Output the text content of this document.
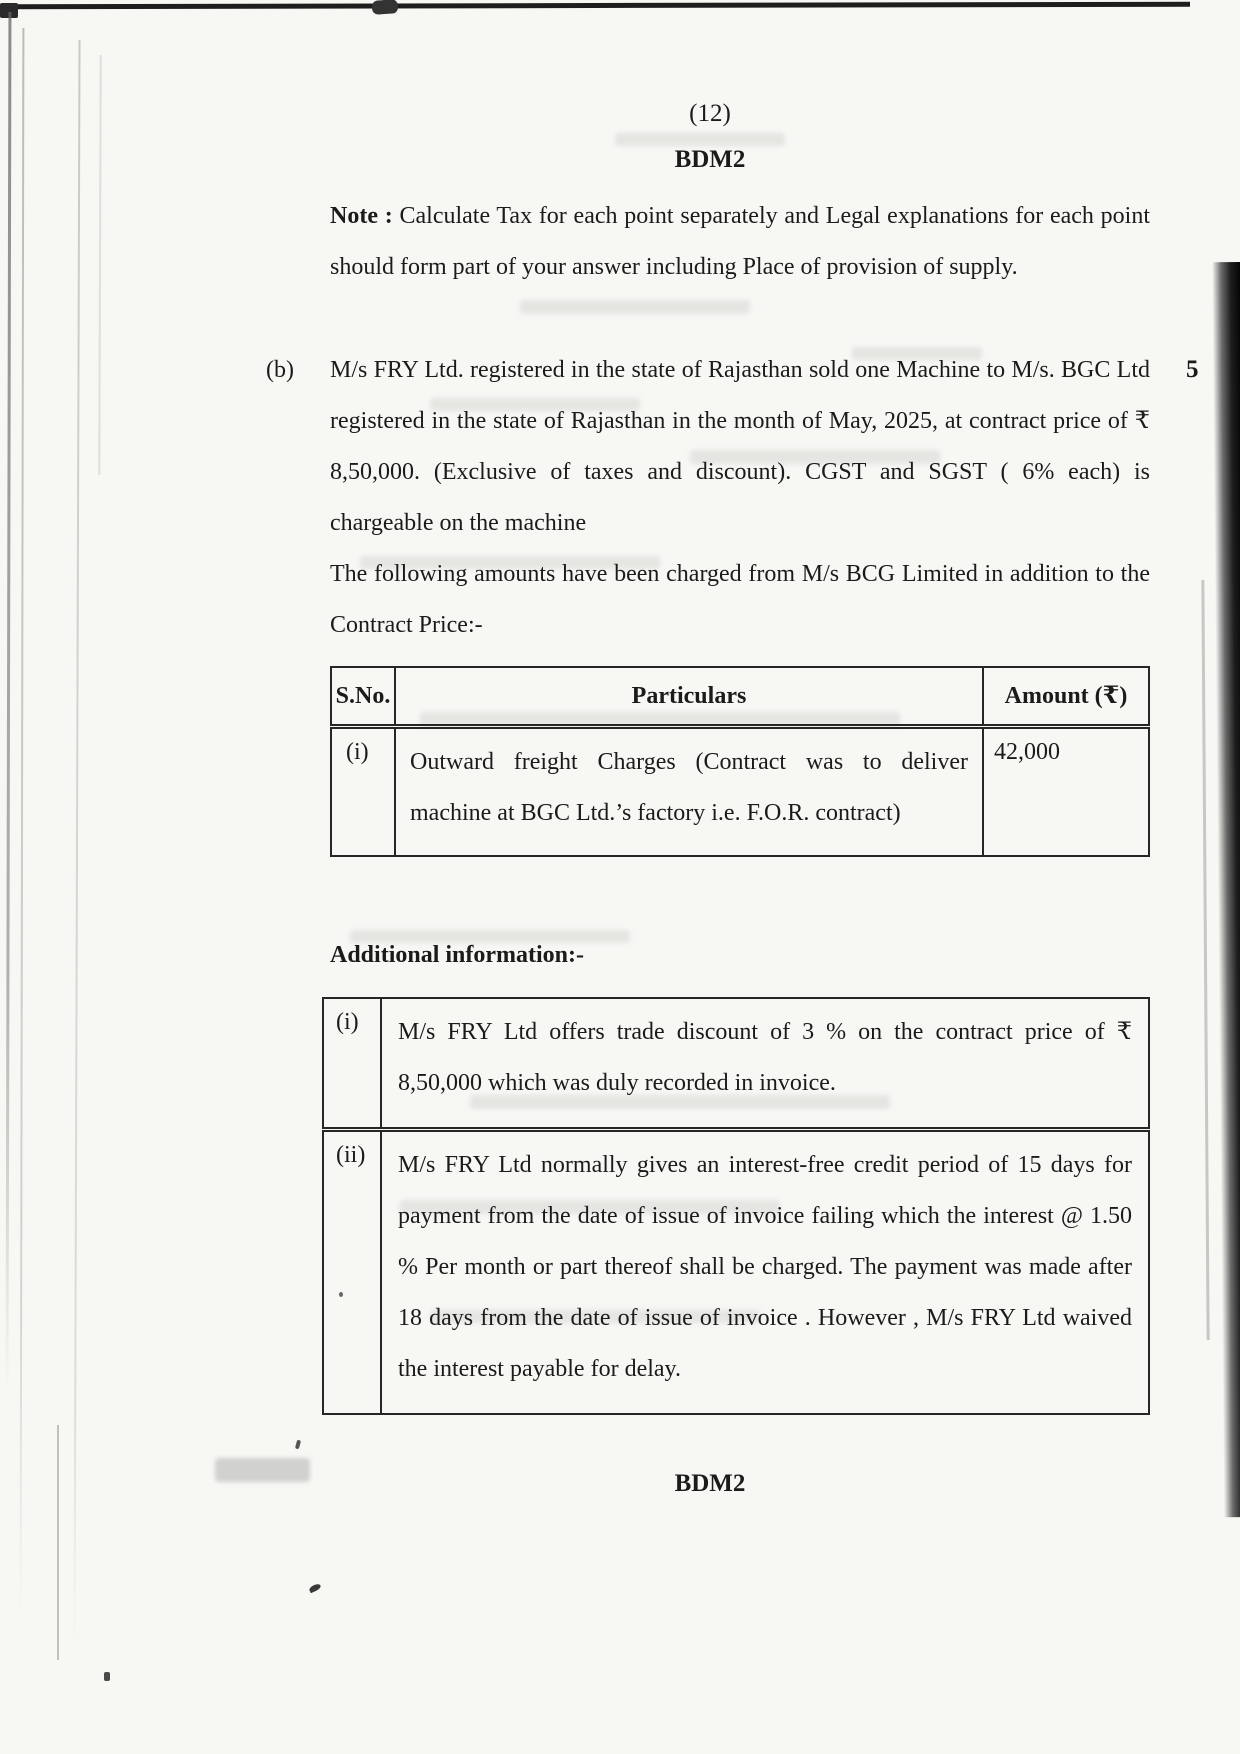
(12)
BDM2
Note : Calculate Tax for each point separately and Legal explanations for each point should form part of your answer including Place of provision of supply.
(b)	5

M/s FRY Ltd. registered in the state of Rajasthan sold one Machine to M/s. BGC Ltd registered in the state of Rajasthan in the month of May, 2025, at contract price of ₹ 8,50,000. (Exclusive of taxes and discount). CGST and SGST ( 6% each) is chargeable on the machine

The following amounts have been charged from M/s BCG Limited in addition to the Contract Price:-

S.No.	Particulars	Amount (₹)
(i)	Outward freight Charges (Contract was to deliver machine at BGC Ltd.’s factory i.e. F.O.R. contract)	42,000
Additional information:-
(i)	M/s FRY Ltd offers trade discount of 3 % on the contract price of ₹ 8,50,000 which was duly recorded in invoice.
(ii)	M/s FRY Ltd normally gives an interest-free credit period of 15 days for payment from the date of issue of invoice failing which the interest @ 1.50 % Per month or part thereof shall be charged. The payment was made after 18 days from the date of issue of invoice . However , M/s FRY Ltd waived the interest payable for delay.
BDM2
